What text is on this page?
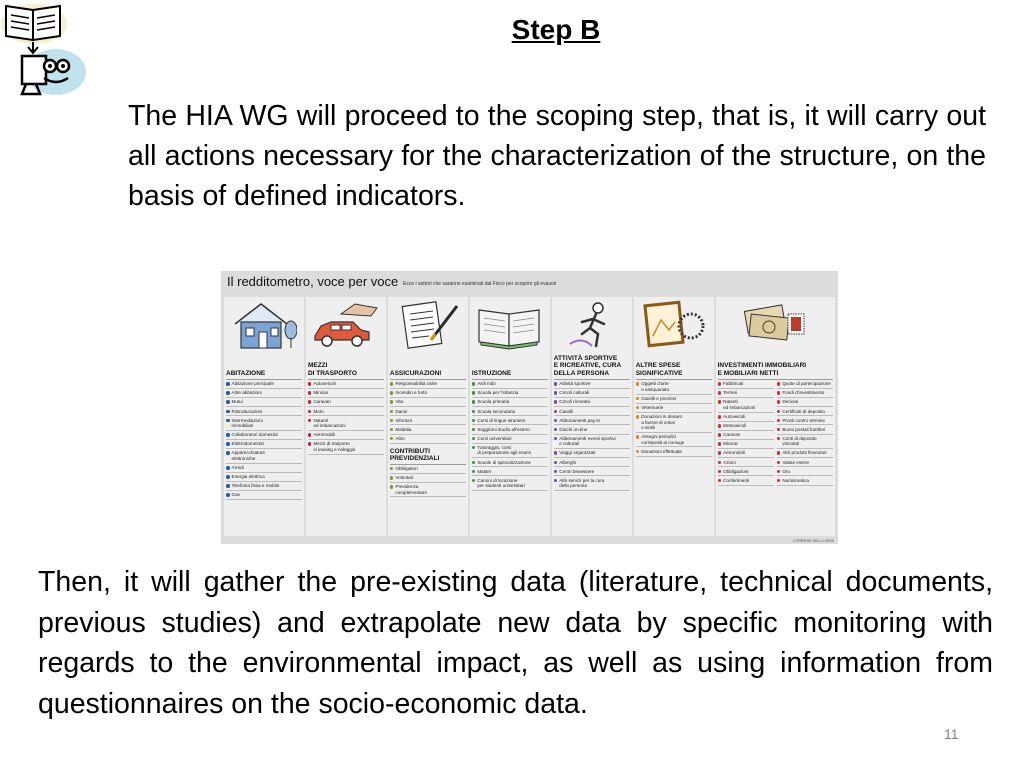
Step B
The HIA WG will proceed to the scoping step, that is, it will carry out all actions necessary for the characterization of the structure, on the basis of defined indicators.
Il redditometro, voce per voce Ecco i settori che saranno esaminati dal Fisco per scoprire gli evasori
ABITAZIONE
Abitazione principale
Altre abitazioni
Mutui
Ristrutturazioni
Intermediazioni
immobiliari
Collaboratori domestici
Elettrodomestici
Apparecchiature
elettroniche
Arredi
Energia elettrica
Telefonia fissa e mobile
Gas
MEZZI
DI TRASPORTO
Autoveicoli
Minicar
Caravan
Moto
Natanti
ed imbarcazioni
Aeromobili
Mezzi di trasporto
in leasing e noleggio
ASSICURAZIONI
Responsabilità civile
Incendio e furto
Vita
Danni
Infortuni
Malattia
Altro
CONTRIBUTI
PREVIDENZIALI
Obbligatori
Volontari
Previdenza
complementare
ISTRUZIONE
Asili nido
Scuola per l'infanzia
Scuola primaria
Scuola secondaria
Corsi di lingue straniere
Soggiorni studio all'estero
Corsi universitari
Tutoraggio, corsi
di preparazione agli esami
Scuole di specializzazione
Master
Canoni di locazione
per studenti universitari
ATTIVITÀ SPORTIVE
E RICREATIVE, CURA
DELLA PERSONA
Attività sportive
Circoli culturali
Circoli ricreativi
Cavalli
Abbonamenti pay-tv
Giochi on-line
Abbonamenti eventi sportivi
e culturali
Viaggi organizzati
Alberghi
Centri benessere
Altri servizi per la cura
della persona
ALTRE SPESE
SIGNIFICATIVE
Oggetti d'arte
o antiquariato
Gioielli e preziosi
Veterinarie
Donazioni in denaro
a favore di onlus
e simili
Assegni periodici
corrisposti al coniuge
Donazioni effettuate
INVESTIMENTI IMMOBILIARI
E MOBILIARI NETTI
Fabbricati
Terreni
Natanti
ed imbarcazioni
Autoveicoli
Motoveicoli
Caravan
Minicar
Aeromobili
Azioni
Obbligazioni
Conferimenti
Quote di partecipazione
Fondi d'investimento
Derivati
Certificati di deposito
Pronti contro termine
Buoni postali fruttiferi
Conti di deposito
vincolati
Altri prodotti finanziari
Valute estere
Oro
Numismatica
CORRIERE DELLA SERA
Then, it will gather the pre-existing data (literature, technical documents, previous studies) and extrapolate new data by specific monitoring with regards to the environmental impact, as well as using information from questionnaires on the socio-economic data.
11
